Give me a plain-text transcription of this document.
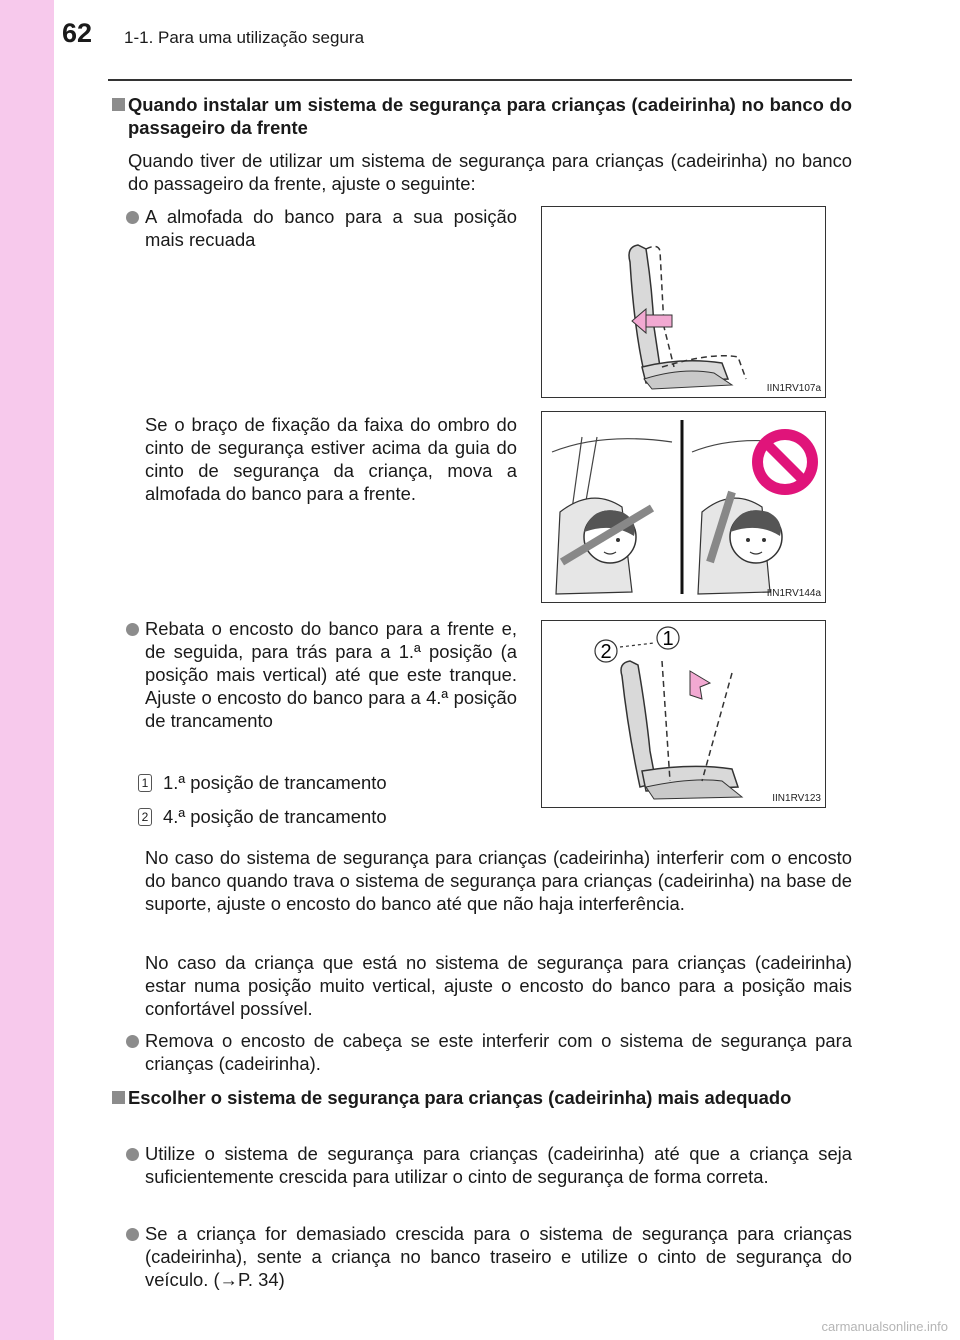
62 1-1. Para uma utilização segura
Quando instalar um sistema de segurança para crianças (cadeirinha) no banco do passageiro da frente
Quando tiver de utilizar um sistema de segurança para crianças (cadeirinha) no banco do passageiro da frente, ajuste o seguinte:
A almofada do banco para a sua posição mais recuada
Se o braço de fixação da faixa do ombro do cinto de segurança estiver acima da guia do cinto de segurança da criança, mova a almofada do banco para a frente.
Rebata o encosto do banco para a frente e, de seguida, para trás para a 1.ª posição (a posição mais vertical) até que este tranque. Ajuste o encosto do banco para a 4.ª posição de trancamento
1 1.ª posição de trancamento
2 4.ª posição de trancamento
No caso do sistema de segurança para crianças (cadeirinha) interferir com o encosto do banco quando trava o sistema de segurança para crianças (cadeirinha) na base de suporte, ajuste o encosto do banco até que não haja interferência.
No caso da criança que está no sistema de segurança para crianças (cadeirinha) estar numa posição muito vertical, ajuste o encosto do banco para a posição mais confortável possível.
Remova o encosto de cabeça se este interferir com o sistema de segurança para crianças (cadeirinha).
Escolher o sistema de segurança para crianças (cadeirinha) mais adequado
Utilize o sistema de segurança para crianças (cadeirinha) até que a criança seja suficientemente crescida para utilizar o cinto de segurança de forma correta.
Se a criança for demasiado crescida para o sistema de segurança para crianças (cadeirinha), sente a criança no banco traseiro e utilize o cinto de segurança do veículo. (→P. 34)
IIN1RV107a
IIN1RV144a
2
1
IIN1RV123
carmanualsonline.info
